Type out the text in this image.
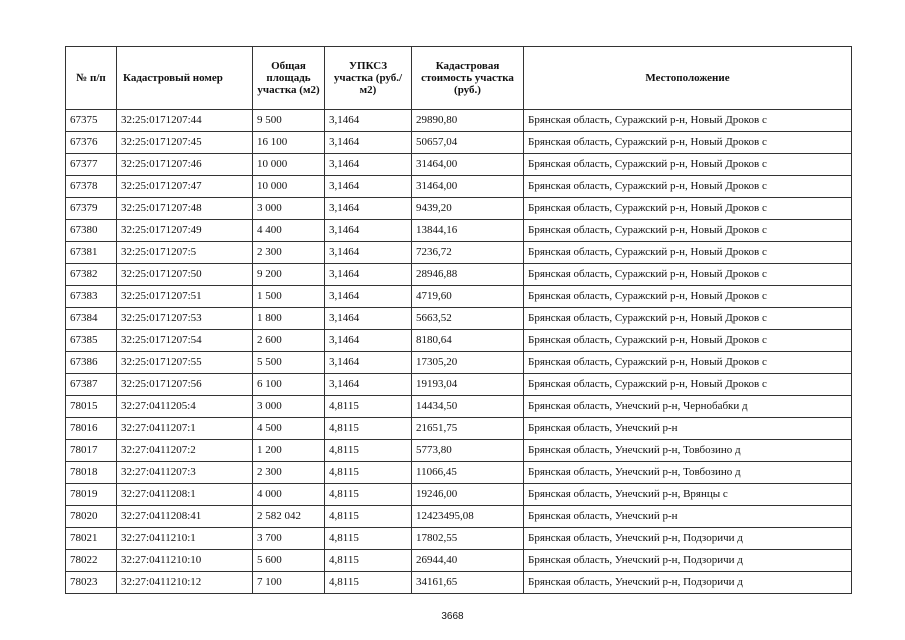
№ п/п	Кадастровый номер	Общая площадь участка (м2)	УПКСЗ участка (руб./м2)	Кадастровая стоимость участка (руб.)	Местоположение
67375	32:25:0171207:44	9 500	3,1464	29890,80	Брянская область, Суражский р-н, Новый Дроков с
67376	32:25:0171207:45	16 100	3,1464	50657,04	Брянская область, Суражский р-н, Новый Дроков с
67377	32:25:0171207:46	10 000	3,1464	31464,00	Брянская область, Суражский р-н, Новый Дроков с
67378	32:25:0171207:47	10 000	3,1464	31464,00	Брянская область, Суражский р-н, Новый Дроков с
67379	32:25:0171207:48	3 000	3,1464	9439,20	Брянская область, Суражский р-н, Новый Дроков с
67380	32:25:0171207:49	4 400	3,1464	13844,16	Брянская область, Суражский р-н, Новый Дроков с
67381	32:25:0171207:5	2 300	3,1464	7236,72	Брянская область, Суражский р-н, Новый Дроков с
67382	32:25:0171207:50	9 200	3,1464	28946,88	Брянская область, Суражский р-н, Новый Дроков с
67383	32:25:0171207:51	1 500	3,1464	4719,60	Брянская область, Суражский р-н, Новый Дроков с
67384	32:25:0171207:53	1 800	3,1464	5663,52	Брянская область, Суражский р-н, Новый Дроков с
67385	32:25:0171207:54	2 600	3,1464	8180,64	Брянская область, Суражский р-н, Новый Дроков с
67386	32:25:0171207:55	5 500	3,1464	17305,20	Брянская область, Суражский р-н, Новый Дроков с
67387	32:25:0171207:56	6 100	3,1464	19193,04	Брянская область, Суражский р-н, Новый Дроков с
78015	32:27:0411205:4	3 000	4,8115	14434,50	Брянская область, Унечский р-н, Чернобабки д
78016	32:27:0411207:1	4 500	4,8115	21651,75	Брянская область, Унечский р-н
78017	32:27:0411207:2	1 200	4,8115	5773,80	Брянская область, Унечский р-н, Товбозино д
78018	32:27:0411207:3	2 300	4,8115	11066,45	Брянская область, Унечский р-н, Товбозино д
78019	32:27:0411208:1	4 000	4,8115	19246,00	Брянская область, Унечский р-н, Врянцы с
78020	32:27:0411208:41	2 582 042	4,8115	12423495,08	Брянская область, Унечский р-н
78021	32:27:0411210:1	3 700	4,8115	17802,55	Брянская область, Унечский р-н, Подзоричи д
78022	32:27:0411210:10	5 600	4,8115	26944,40	Брянская область, Унечский р-н, Подзоричи д
78023	32:27:0411210:12	7 100	4,8115	34161,65	Брянская область, Унечский р-н, Подзоричи д
3668
